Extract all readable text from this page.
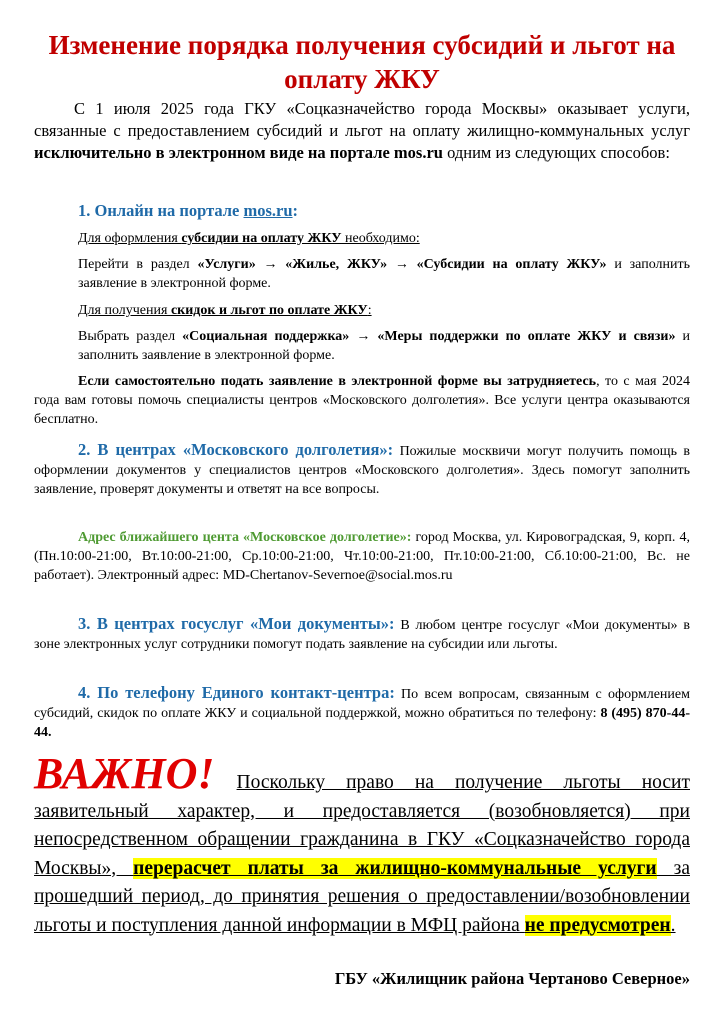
Изменение порядка получения субсидий и льгот на оплату ЖКУ

С 1 июля 2025 года ГКУ «Соцказначейство города Москвы» оказывает услуги, связанные с предоставлением субсидий и льгот на оплату жилищно-коммунальных услуг исключительно в электронном виде на портале mos.ru одним из следующих способов:

1. Онлайн на портале mos.ru:

Для оформления субсидии на оплату ЖКУ необходимо:

Перейти в раздел «Услуги» → «Жилье, ЖКУ» → «Субсидии на оплату ЖКУ» и заполнить заявление в электронной форме.

Для получения скидок и льгот по оплате ЖКУ:

Выбрать раздел «Социальная поддержка» → «Меры поддержки по оплате ЖКУ и связи» и заполнить заявление в электронной форме.

Если самостоятельно подать заявление в электронной форме вы затрудняетесь, то с мая 2024 года вам готовы помочь специалисты центров «Московского долголетия». Все услуги центра оказываются бесплатно.

2. В центрах «Московского долголетия»: Пожилые москвичи могут получить помощь в оформлении документов у специалистов центров «Московского долголетия». Здесь помогут заполнить заявление, проверят документы и ответят на все вопросы.

Адрес ближайшего цента «Московское долголетие»: город Москва, ул. Кировоградская, 9, корп. 4, (Пн.10:00-21:00, Вт.10:00-21:00, Ср.10:00-21:00, Чт.10:00-21:00, Пт.10:00-21:00, Сб.10:00-21:00, Вс. не работает). Электронный адрес: MD-Chertanov-Severnoe@social.mos.ru

3. В центрах госуслуг «Мои документы»: В любом центре госуслуг «Мои документы» в зоне электронных услуг сотрудники помогут подать заявление на субсидии или льготы.

4. По телефону Единого контакт-центра: По всем вопросам, связанным с оформлением субсидий, скидок по оплате ЖКУ и социальной поддержкой, можно обратиться по телефону: 8 (495) 870-44-44.

ВАЖНО! Поскольку право на получение льготы носит заявительный характер, и предоставляется (возобновляется) при непосредственном обращении гражданина в ГКУ «Соцказначейство города Москвы», перерасчет платы за жилищно-коммунальные услуги за прошедший период, до принятия решения о предоставлении/возобновлении льготы и поступления данной информации в МФЦ района не предусмотрен.

ГБУ «Жилищник района Чертаново Северное»
